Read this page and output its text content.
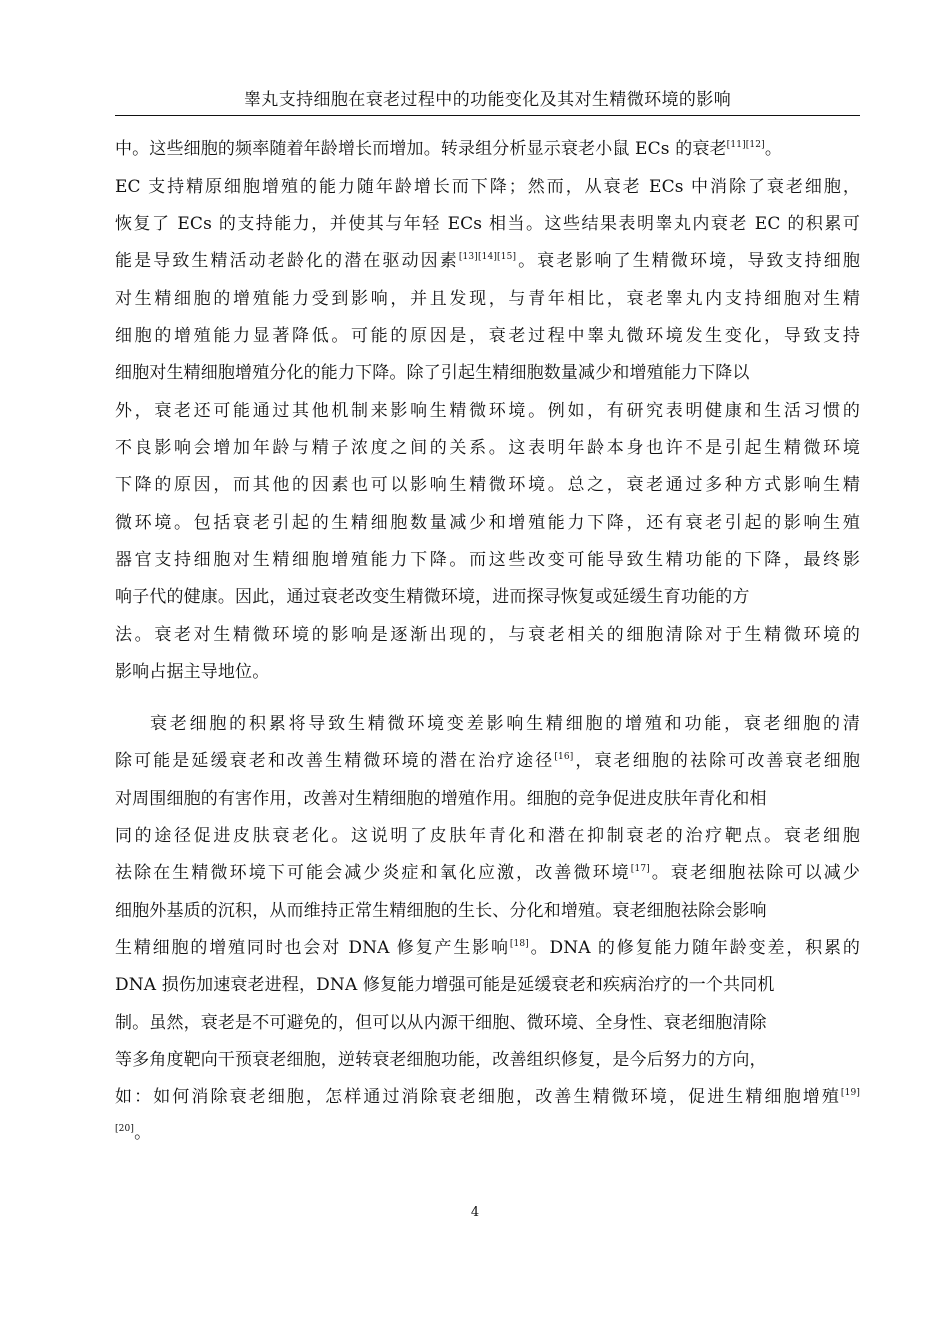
睾丸支持细胞在衰老过程中的功能变化及其对生精微环境的影响
中。这些细胞的频率随着年龄增长而增加。转录组分析显示衰老小鼠 ECs 的衰老[11][12]。
EC 支持精原细胞增殖的能力随年龄增长而下降；然而，从衰老 ECs 中消除了衰老细胞，
恢复了 ECs 的支持能力，并使其与年轻 ECs 相当。这些结果表明睾丸内衰老 EC 的积累可
能是导致生精活动老龄化的潜在驱动因素[13][14][15]。衰老影响了生精微环境，导致支持细胞
对生精细胞的增殖能力受到影响，并且发现，与青年相比，衰老睾丸内支持细胞对生精
细胞的增殖能力显著降低。可能的原因是，衰老过程中睾丸微环境发生变化，导致支持
细胞对生精细胞增殖分化的能力下降。除了引起生精细胞数量减少和增殖能力下降以
外，衰老还可能通过其他机制来影响生精微环境。例如，有研究表明健康和生活习惯的
不良影响会增加年龄与精子浓度之间的关系。这表明年龄本身也许不是引起生精微环境
下降的原因，而其他的因素也可以影响生精微环境。总之，衰老通过多种方式影响生精
微环境。包括衰老引起的生精细胞数量减少和增殖能力下降，还有衰老引起的影响生殖
器官支持细胞对生精细胞增殖能力下降。而这些改变可能导致生精功能的下降，最终影
响子代的健康。因此，通过衰老改变生精微环境，进而探寻恢复或延缓生育功能的方
法。衰老对生精微环境的影响是逐渐出现的，与衰老相关的细胞清除对于生精微环境的
影响占据主导地位。
衰老细胞的积累将导致生精微环境变差影响生精细胞的增殖和功能，衰老细胞的清
除可能是延缓衰老和改善生精微环境的潜在治疗途径[16]，衰老细胞的祛除可改善衰老细胞
对周围细胞的有害作用，改善对生精细胞的增殖作用。细胞的竞争促进皮肤年青化和相
同的途径促进皮肤衰老化。这说明了皮肤年青化和潜在抑制衰老的治疗靶点。衰老细胞
祛除在生精微环境下可能会减少炎症和氧化应激，改善微环境[17]。衰老细胞祛除可以减少
细胞外基质的沉积，从而维持正常生精细胞的生长、分化和增殖。衰老细胞祛除会影响
生精细胞的增殖同时也会对 DNA 修复产生影响[18]。DNA 的修复能力随年龄变差，积累的
DNA 损伤加速衰老进程，DNA 修复能力增强可能是延缓衰老和疾病治疗的一个共同机
制。虽然，衰老是不可避免的，但可以从内源干细胞、微环境、全身性、衰老细胞清除
等多角度靶向干预衰老细胞，逆转衰老细胞功能，改善组织修复，是今后努力的方向，
如：如何消除衰老细胞，怎样通过消除衰老细胞，改善生精微环境，促进生精细胞增殖[19]
[20]。
4
